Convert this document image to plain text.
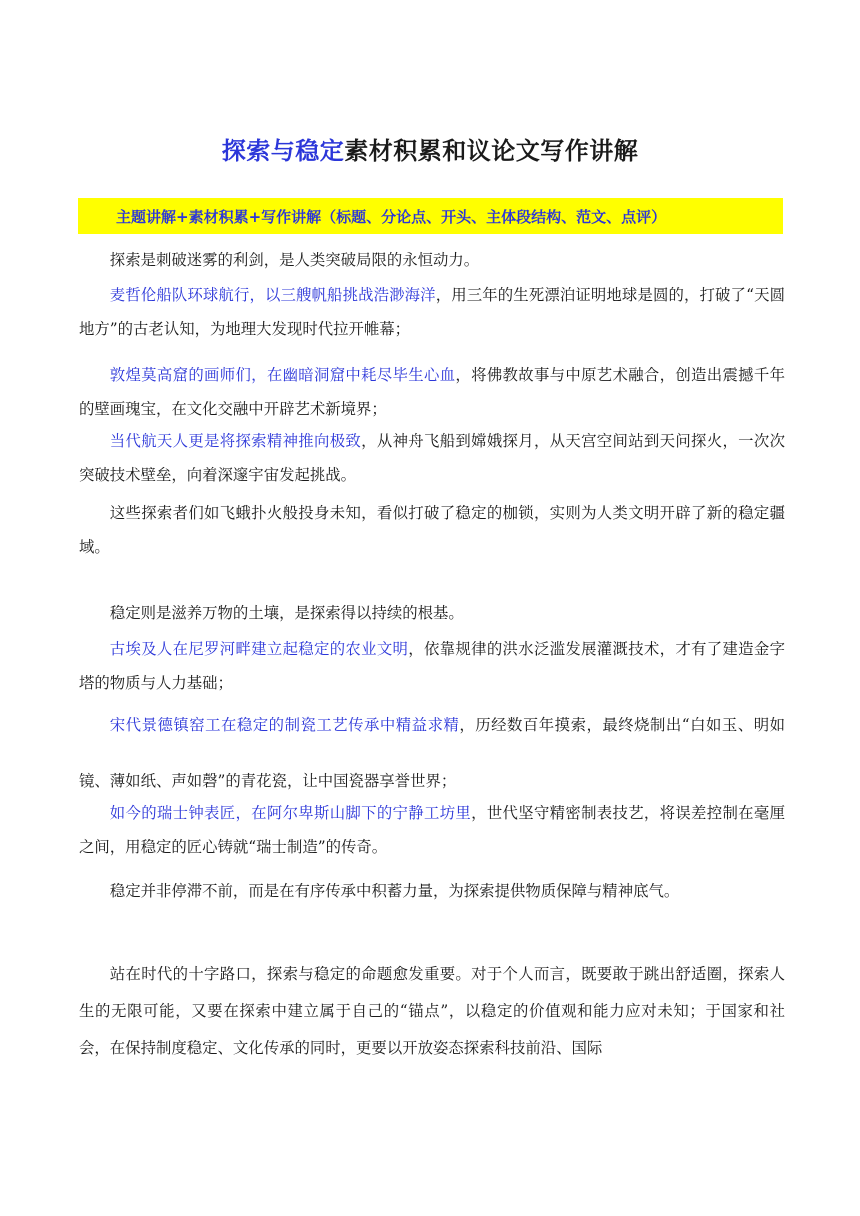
探索与稳定素材积累和议论文写作讲解
主题讲解+素材积累+写作讲解（标题、分论点、开头、主体段结构、范文、点评）

探索是刺破迷雾的利剑，是人类突破局限的永恒动力。

麦哲伦船队环球航行，以三艘帆船挑战浩渺海洋，用三年的生死漂泊证明地球是圆的，打破了“天圆地方”的古老认知，为地理大发现时代拉开帷幕；

敦煌莫高窟的画师们，在幽暗洞窟中耗尽毕生心血，将佛教故事与中原艺术融合，创造出震撼千年的壁画瑰宝，在文化交融中开辟艺术新境界；

当代航天人更是将探索精神推向极致，从神舟飞船到嫦娥探月，从天宫空间站到天问探火，一次次突破技术壁垒，向着深邃宇宙发起挑战。

这些探索者们如飞蛾扑火般投身未知，看似打破了稳定的枷锁，实则为人类文明开辟了新的稳定疆域。

稳定则是滋养万物的土壤，是探索得以持续的根基。

古埃及人在尼罗河畔建立起稳定的农业文明，依靠规律的洪水泛滥发展灌溉技术，才有了建造金字塔的物质与人力基础；

宋代景德镇窑工在稳定的制瓷工艺传承中精益求精，历经数百年摸索，最终烧制出“白如玉、明如镜、薄如纸、声如磬”的青花瓷，让中国瓷器享誉世界；

如今的瑞士钟表匠，在阿尔卑斯山脚下的宁静工坊里，世代坚守精密制表技艺，将误差控制在毫厘之间，用稳定的匠心铸就“瑞士制造”的传奇。

稳定并非停滞不前，而是在有序传承中积蓄力量，为探索提供物质保障与精神底气。

站在时代的十字路口，探索与稳定的命题愈发重要。对于个人而言，既要敢于跳出舒适圈，探索人生的无限可能，又要在探索中建立属于自己的“锚点”，以稳定的价值观和能力应对未知；于国家和社会，在保持制度稳定、文化传承的同时，更要以开放姿态探索科技前沿、国际
